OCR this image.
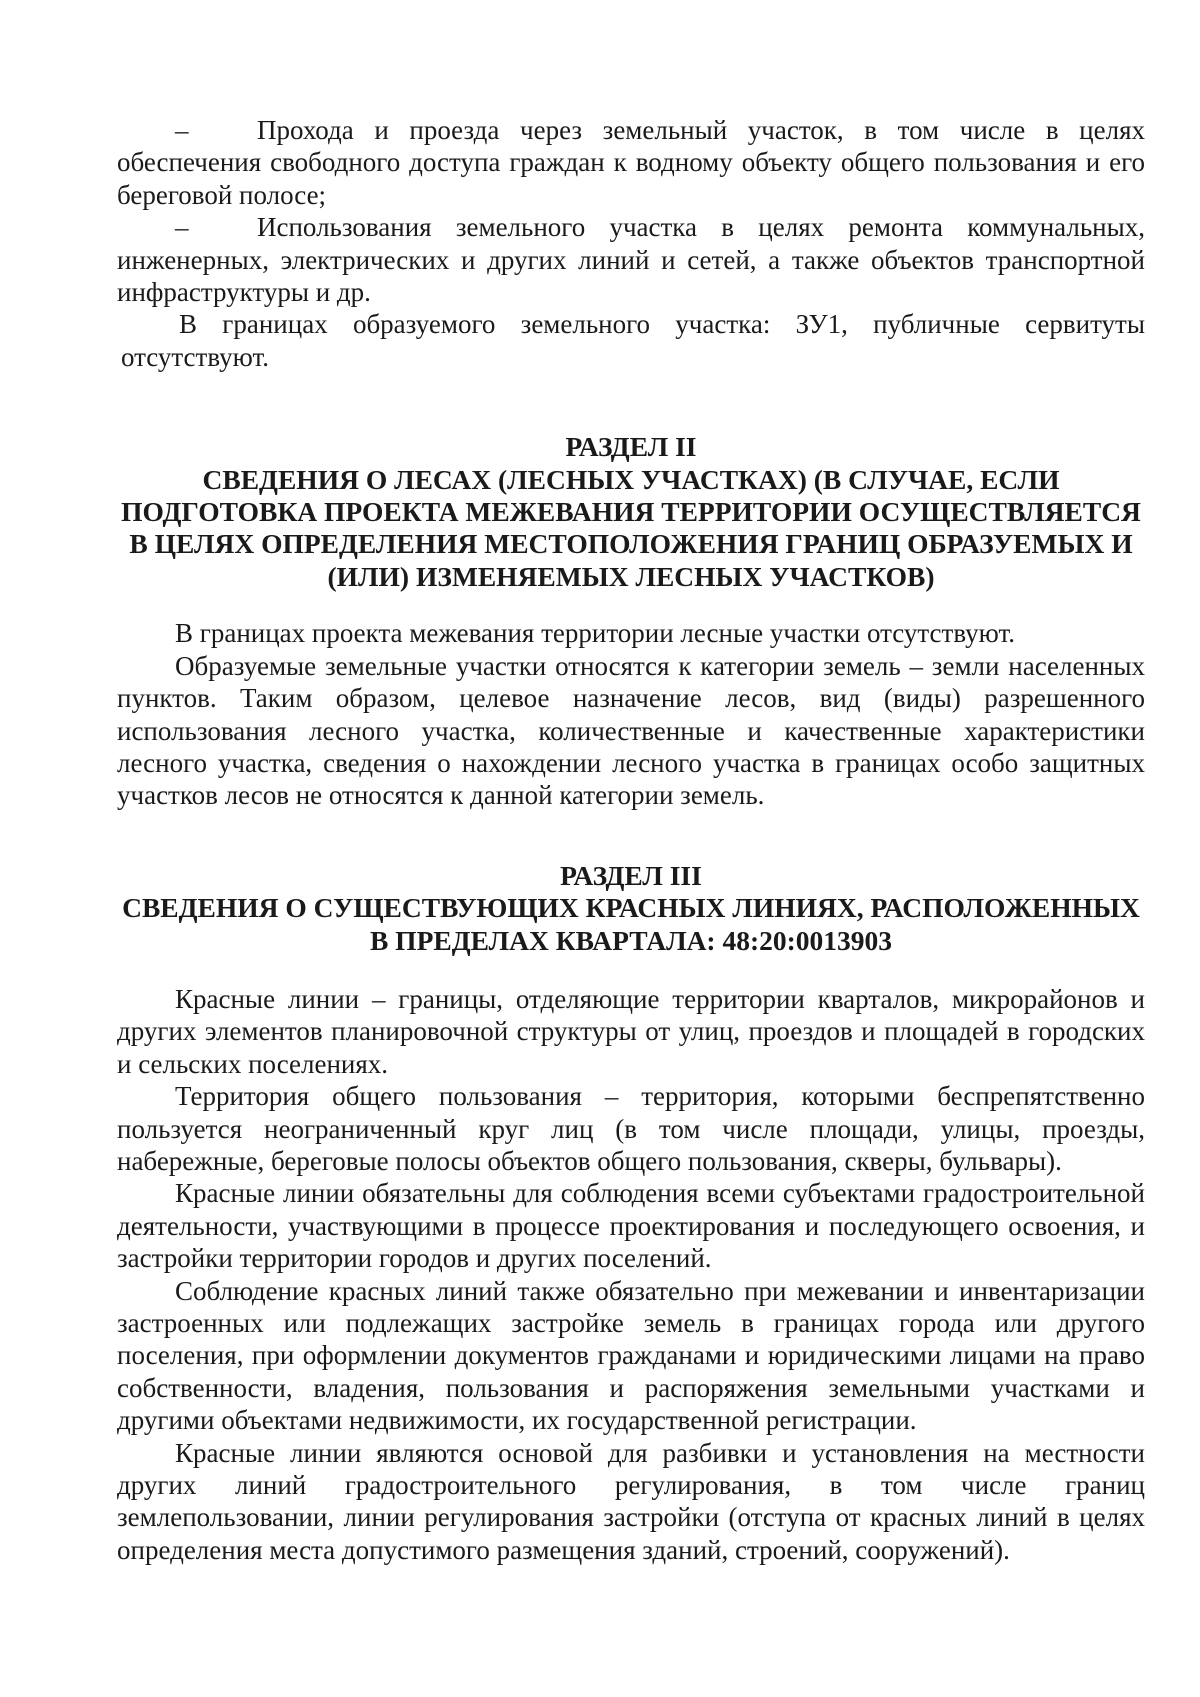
–	Прохода и проезда через земельный участок, в том числе в целях обеспечения свободного доступа граждан к водному объекту общего пользования и его береговой полосе;

–	Использования земельного участка в целях ремонта коммунальных, инженерных, электрических и других линий и сетей, а также объектов транспортной инфраструктуры и др.

В границах образуемого земельного участка: ЗУ1, публичные сервитуты отсутствуют.

РАЗДЕЛ II
СВЕДЕНИЯ О ЛЕСАХ (ЛЕСНЫХ УЧАСТКАХ) (В СЛУЧАЕ, ЕСЛИ ПОДГОТОВКА ПРОЕКТА МЕЖЕВАНИЯ ТЕРРИТОРИИ ОСУЩЕСТВЛЯЕТСЯ В ЦЕЛЯХ ОПРЕДЕЛЕНИЯ МЕСТОПОЛОЖЕНИЯ ГРАНИЦ ОБРАЗУЕМЫХ И (ИЛИ) ИЗМЕНЯЕМЫХ ЛЕСНЫХ УЧАСТКОВ)

В границах проекта межевания территории лесные участки отсутствуют.

Образуемые земельные участки относятся к категории земель – земли населенных пунктов. Таким образом, целевое назначение лесов, вид (виды) разрешенного использования лесного участка, количественные и качественные характеристики лесного участка, сведения о нахождении лесного участка в границах особо защитных участков лесов не относятся к данной категории земель.

РАЗДЕЛ III
СВЕДЕНИЯ О СУЩЕСТВУЮЩИХ КРАСНЫХ ЛИНИЯХ, РАСПОЛОЖЕННЫХ В ПРЕДЕЛАХ КВАРТАЛА: 48:20:0013903

Красные линии – границы, отделяющие территории кварталов, микрорайонов и других элементов планировочной структуры от улиц, проездов и площадей в городских и сельских поселениях.

Территория общего пользования – территория, которыми беспрепятственно пользуется неограниченный круг лиц (в том числе площади, улицы, проезды, набережные, береговые полосы объектов общего пользования, скверы, бульвары).

Красные линии обязательны для соблюдения всеми субъектами градостроительной деятельности, участвующими в процессе проектирования и последующего освоения, и застройки территории городов и других поселений.

Соблюдение красных линий также обязательно при межевании и инвентаризации застроенных или подлежащих застройке земель в границах города или другого поселения, при оформлении документов гражданами и юридическими лицами на право собственности, владения, пользования и распоряжения земельными участками и другими объектами недвижимости, их государственной регистрации.

Красные линии являются основой для разбивки и установления на местности других линий градостроительного регулирования, в том числе границ землепользовании, линии регулирования застройки (отступа от красных линий в целях определения места допустимого размещения зданий, строений, сооружений).
